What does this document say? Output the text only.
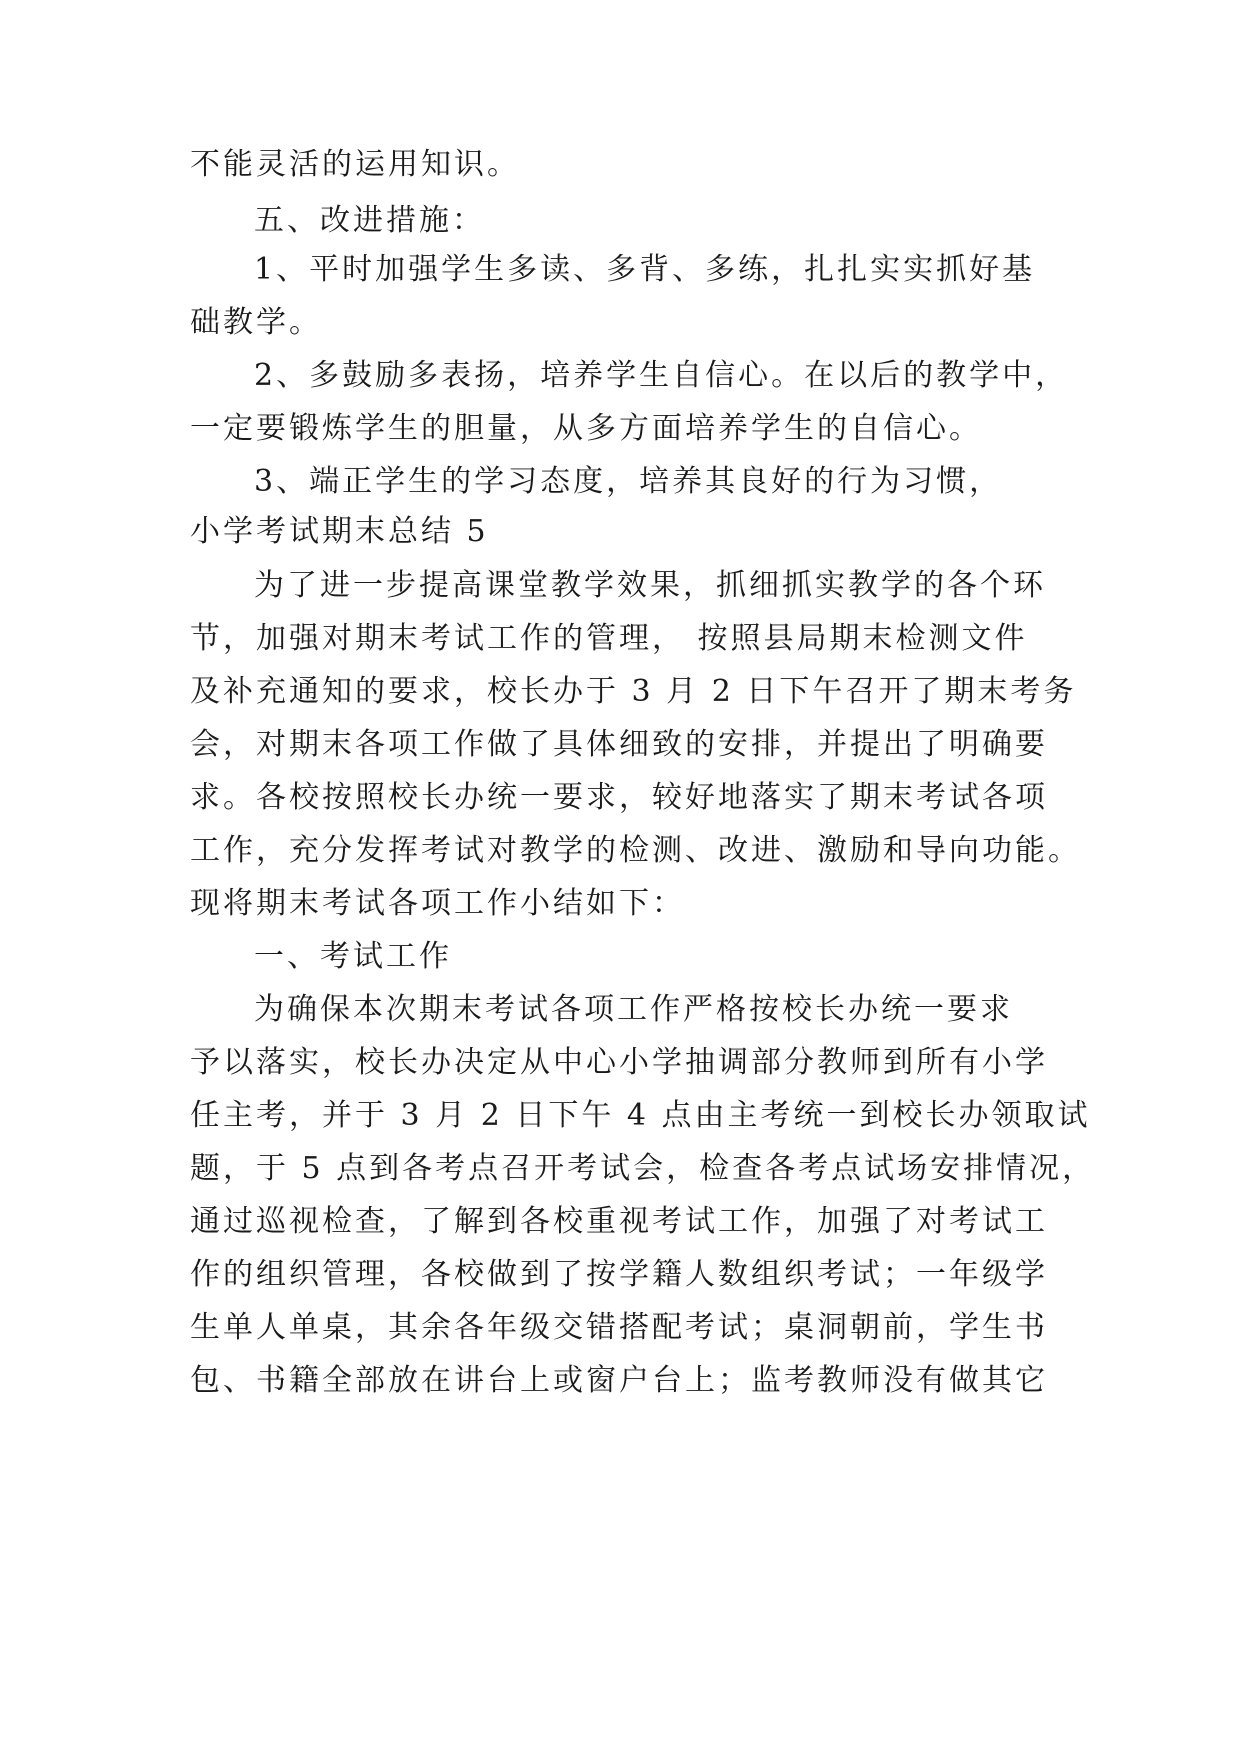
不能灵活的运用知识。
五、改进措施：
1、平时加强学生多读、多背、多练，扎扎实实抓好基
础教学。
2、多鼓励多表扬，培养学生自信心。在以后的教学中，
一定要锻炼学生的胆量，从多方面培养学生的自信心。
3、端正学生的学习态度，培养其良好的行为习惯，
小学考试期末总结 5
为了进一步提高课堂教学效果，抓细抓实教学的各个环
节，加强对期末考试工作的管理， 按照县局期末检测文件
及补充通知的要求，校长办于 3 月 2 日下午召开了期末考务
会，对期末各项工作做了具体细致的安排，并提出了明确要
求。各校按照校长办统一要求，较好地落实了期末考试各项
工作，充分发挥考试对教学的检测、改进、激励和导向功能。
现将期末考试各项工作小结如下：
一、考试工作
为确保本次期末考试各项工作严格按校长办统一要求
予以落实，校长办决定从中心小学抽调部分教师到所有小学
任主考，并于 3 月 2 日下午 4 点由主考统一到校长办领取试
题，于 5 点到各考点召开考试会，检查各考点试场安排情况，
通过巡视检查，了解到各校重视考试工作，加强了对考试工
作的组织管理，各校做到了按学籍人数组织考试；一年级学
生单人单桌，其余各年级交错搭配考试；桌洞朝前，学生书
包、书籍全部放在讲台上或窗户台上；监考教师没有做其它
